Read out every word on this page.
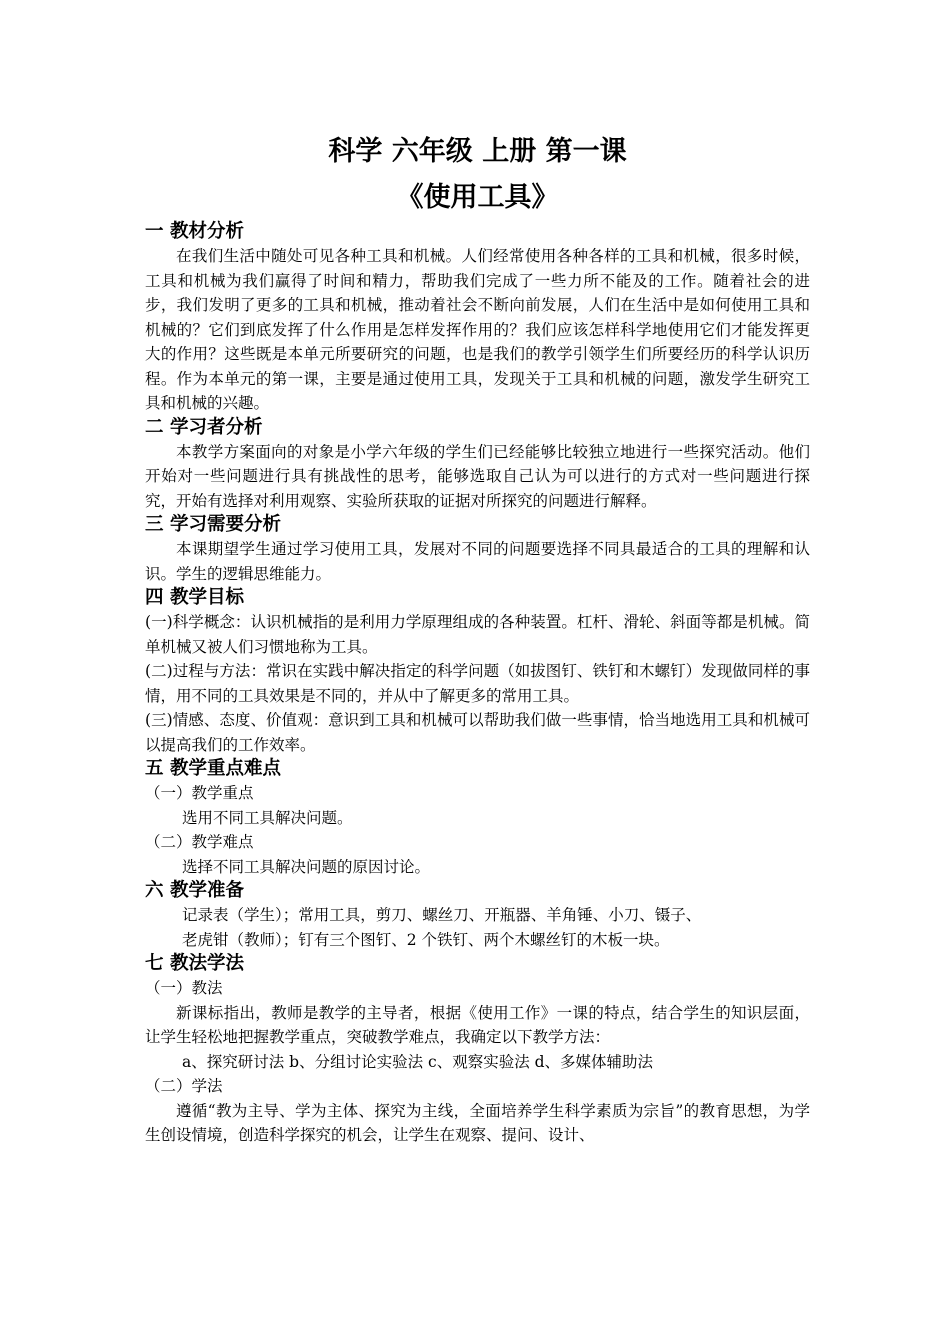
科学 六年级 上册 第一课
《使用工具》

一 教材分析

在我们生活中随处可见各种工具和机械。人们经常使用各种各样的工具和机械，很多时候，工具和机械为我们赢得了时间和精力，帮助我们完成了一些力所不能及的工作。随着社会的进步，我们发明了更多的工具和机械，推动着社会不断向前发展，人们在生活中是如何使用工具和机械的？它们到底发挥了什么作用是怎样发挥作用的？我们应该怎样科学地使用它们才能发挥更大的作用？这些既是本单元所要研究的问题，也是我们的教学引领学生们所要经历的科学认识历程。作为本单元的第一课，主要是通过使用工具，发现关于工具和机械的问题，激发学生研究工具和机械的兴趣。

二 学习者分析

本教学方案面向的对象是小学六年级的学生们已经能够比较独立地进行一些探究活动。他们开始对一些问题进行具有挑战性的思考，能够选取自己认为可以进行的方式对一些问题进行探究，开始有选择对利用观察、实验所获取的证据对所探究的问题进行解释。

三 学习需要分析

本课期望学生通过学习使用工具，发展对不同的问题要选择不同具最适合的工具的理解和认识。学生的逻辑思维能力。

四 教学目标

(一)科学概念：认识机械指的是利用力学原理组成的各种装置。杠杆、滑轮、斜面等都是机械。简单机械又被人们习惯地称为工具。

(二)过程与方法：常识在实践中解决指定的科学问题（如拔图钉、铁钉和木螺钉）发现做同样的事情，用不同的工具效果是不同的，并从中了解更多的常用工具。

(三)情感、态度、价值观：意识到工具和机械可以帮助我们做一些事情，恰当地选用工具和机械可以提高我们的工作效率。

五 教学重点难点

（一）教学重点

选用不同工具解决问题。

（二）教学难点

选择不同工具解决问题的原因讨论。

六 教学准备

记录表（学生）；常用工具，剪刀、螺丝刀、开瓶器、羊角锤、小刀、镊子、

老虎钳（教师）；钉有三个图钉、2 个铁钉、两个木螺丝钉的木板一块。

七 教法学法

（一）教法

新课标指出，教师是教学的主导者，根据《使用工作》一课的特点，结合学生的知识层面，让学生轻松地把握教学重点，突破教学难点，我确定以下教学方法：

a、探究研讨法 b、分组讨论实验法 c、观察实验法 d、多媒体辅助法

（二）学法

遵循“教为主导、学为主体、探究为主线，全面培养学生科学素质为宗旨”的教育思想，为学生创设情境，创造科学探究的机会，让学生在观察、提问、设计、
